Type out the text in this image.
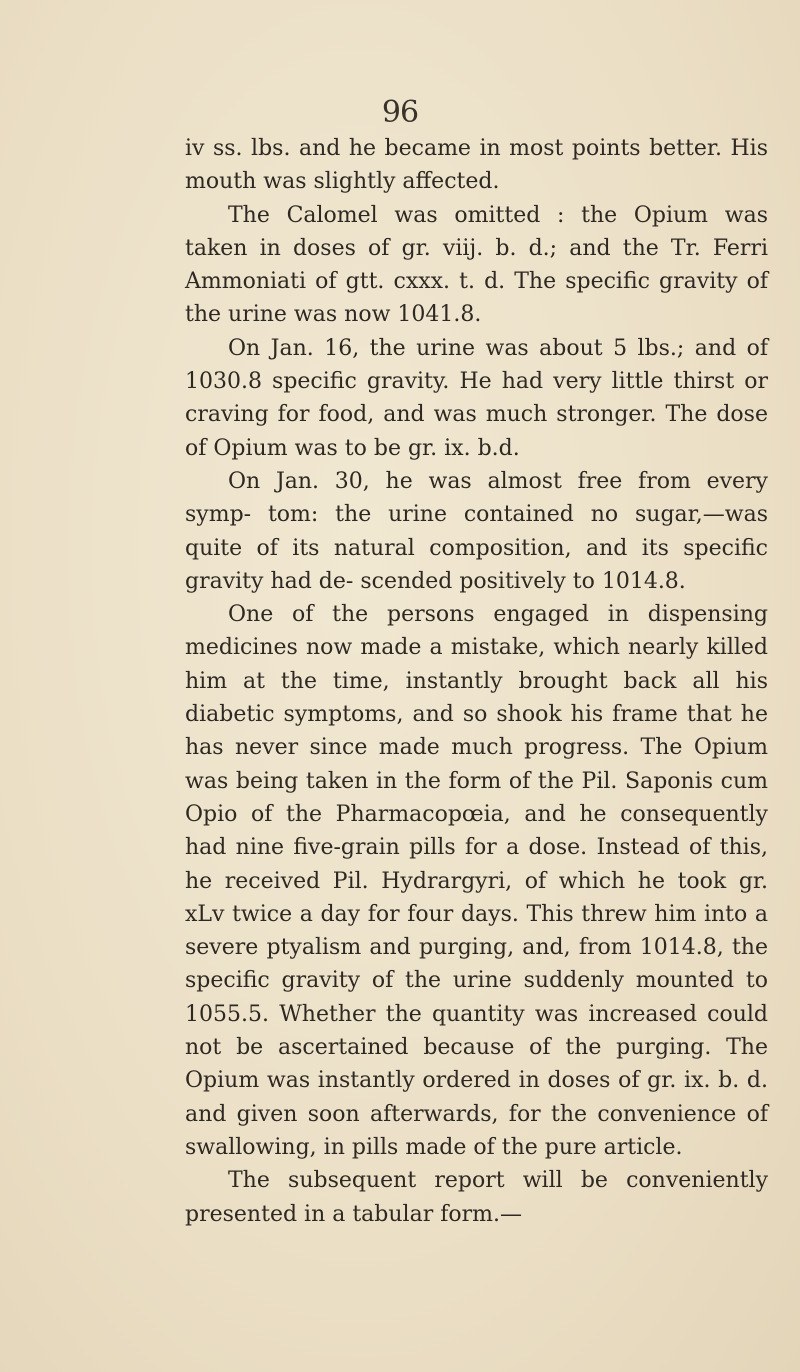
96

iv ss. lbs. and he became in most points better. His mouth was slightly affected.

The Calomel was omitted : the Opium was taken in doses of gr. viij. b. d.; and the Tr. Ferri Ammoniati of gtt. cxxx. t. d. The specific gravity of the urine was now 1041.8.

On Jan. 16, the urine was about 5 lbs.; and of 1030.8 specific gravity. He had very little thirst or craving for food, and was much stronger. The dose of Opium was to be gr. ix. b.d.

On Jan. 30, he was almost free from every symp- tom: the urine contained no sugar,—was quite of its natural composition, and its specific gravity had de- scended positively to 1014.8.

One of the persons engaged in dispensing medicines now made a mistake, which nearly killed him at the time, instantly brought back all his diabetic symptoms, and so shook his frame that he has never since made much progress. The Opium was being taken in the form of the Pil. Saponis cum Opio of the Pharmacopœia, and he consequently had nine five-grain pills for a dose. Instead of this, he received Pil. Hydrargyri, of which he took gr. xLv twice a day for four days. This threw him into a severe ptyalism and purging, and, from 1014.8, the specific gravity of the urine suddenly mounted to 1055.5. Whether the quantity was increased could not be ascertained because of the purging. The Opium was instantly ordered in doses of gr. ix. b. d. and given soon afterwards, for the convenience of swallowing, in pills made of the pure article.

The subsequent report will be conveniently presented in a tabular form.—
